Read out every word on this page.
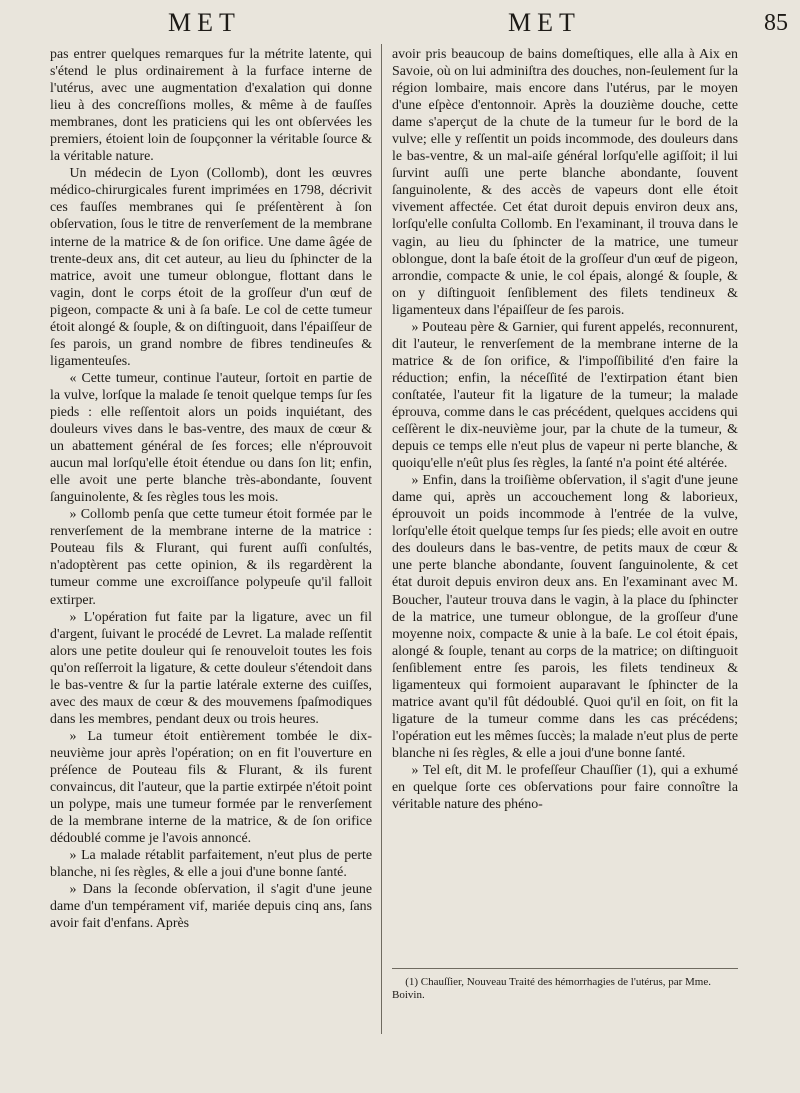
MET	MET	85

pas entrer quelques remarques fur la métrite latente, qui s'étend le plus ordinairement à la furface interne de l'utérus, avec une augmentation d'exalation qui donne lieu à des concreſſions molles, & même à de fauſſes membranes, dont les praticiens qui les ont obſervées les premiers, étoient loin de ſoupçonner la véritable ſource & la véritable nature.

Un médecin de Lyon (Collomb), dont les œuvres médico-chirurgicales furent imprimées en 1798, décrivit ces fauſſes membranes qui ſe préſentèrent à ſon obſervation, ſous le titre de renverſement de la membrane interne de la matrice & de ſon orifice. Une dame âgée de trente-deux ans, dit cet auteur, au lieu du ſphincter de la matrice, avoit une tumeur oblongue, flottant dans le vagin, dont le corps étoit de la groſſeur d'un œuf de pigeon, compacte & uni à ſa baſe. Le col de cette tumeur étoit alongé & ſouple, & on diſtinguoit, dans l'épaiſſeur de ſes parois, un grand nombre de fibres tendineuſes & ligamenteuſes.

« Cette tumeur, continue l'auteur, ſortoit en partie de la vulve, lorſque la malade ſe tenoit quelque temps ſur ſes pieds : elle reſſentoit alors un poids inquiétant, des douleurs vives dans le bas-ventre, des maux de cœur & un abattement général de ſes forces; elle n'éprouvoit aucun mal lorſqu'elle étoit étendue ou dans ſon lit; enfin, elle avoit une perte blanche très-abondante, ſouvent ſanguinolente, & ſes règles tous les mois.

» Collomb penſa que cette tumeur étoit formée par le renverſement de la membrane interne de la matrice : Pouteau fils & Flurant, qui furent auſſi conſultés, n'adoptèrent pas cette opinion, & ils regardèrent la tumeur comme une excroiſſance polypeuſe qu'il falloit extirper.

» L'opération fut faite par la ligature, avec un fil d'argent, ſuivant le procédé de Levret. La malade reſſentit alors une petite douleur qui ſe renouveloit toutes les fois qu'on reſſerroit la ligature, & cette douleur s'étendoit dans le bas-ventre & ſur la partie latérale externe des cuiſſes, avec des maux de cœur & des mouvemens ſpaſmodiques dans les membres, pendant deux ou trois heures.

» La tumeur étoit entièrement tombée le dix-neuvième jour après l'opération; on en fit l'ouverture en préſence de Pouteau fils & Flurant, & ils furent convaincus, dit l'auteur, que la partie extirpée n'étoit point un polype, mais une tumeur formée par le renverſement de la membrane interne de la matrice, & de ſon orifice dédoublé comme je l'avois annoncé.

» La malade rétablit parfaitement, n'eut plus de perte blanche, ni ſes règles, & elle a joui d'une bonne ſanté.

» Dans la ſeconde obſervation, il s'agit d'une jeune dame d'un tempérament vif, mariée depuis cinq ans, ſans avoir fait d'enfans. Après

avoir pris beaucoup de bains domeſtiques, elle alla à Aix en Savoie, où on lui adminiſtra des douches, non-ſeulement ſur la région lombaire, mais encore dans l'utérus, par le moyen d'une eſpèce d'entonnoir. Après la douzième douche, cette dame s'aperçut de la chute de la tumeur ſur le bord de la vulve; elle y reſſentit un poids incommode, des douleurs dans le bas-ventre, & un mal-aiſe général lorſqu'elle agiſſoit; il lui ſurvint auſſi une perte blanche abondante, ſouvent ſanguinolente, & des accès de vapeurs dont elle étoit vivement affectée. Cet état duroit depuis environ deux ans, lorſqu'elle conſulta Collomb. En l'examinant, il trouva dans le vagin, au lieu du ſphincter de la matrice, une tumeur oblongue, dont la baſe étoit de la groſſeur d'un œuf de pigeon, arrondie, compacte & unie, le col épais, alongé & ſouple, & on y diſtinguoit ſenſiblement des filets tendineux & ligamenteux dans l'épaiſſeur de ſes parois.

» Pouteau père & Garnier, qui furent appelés, reconnurent, dit l'auteur, le renverſement de la membrane interne de la matrice & de ſon orifice, & l'impoſſibilité d'en faire la réduction; enfin, la néceſſité de l'extirpation étant bien conſtatée, l'auteur fit la ligature de la tumeur; la malade éprouva, comme dans le cas précédent, quelques accidens qui ceſſèrent le dix-neuvième jour, par la chute de la tumeur, & depuis ce temps elle n'eut plus de vapeur ni perte blanche, & quoiqu'elle n'eût plus ſes règles, la ſanté n'a point été altérée.

» Enfin, dans la troiſième obſervation, il s'agit d'une jeune dame qui, après un accouchement long & laborieux, éprouvoit un poids incommode à l'entrée de la vulve, lorſqu'elle étoit quelque temps ſur ſes pieds; elle avoit en outre des douleurs dans le bas-ventre, de petits maux de cœur & une perte blanche abondante, ſouvent ſanguinolente, & cet état duroit depuis environ deux ans. En l'examinant avec M. Boucher, l'auteur trouva dans le vagin, à la place du ſphincter de la matrice, une tumeur oblongue, de la groſſeur d'une moyenne noix, compacte & unie à la baſe. Le col étoit épais, alongé & ſouple, tenant au corps de la matrice; on diſtinguoit ſenſiblement entre ſes parois, les filets tendineux & ligamenteux qui formoient auparavant le ſphincter de la matrice avant qu'il fût dédoublé. Quoi qu'il en ſoit, on fit la ligature de la tumeur comme dans les cas précédens; l'opération eut les mêmes ſuccès; la malade n'eut plus de perte blanche ni ſes règles, & elle a joui d'une bonne ſanté.

» Tel eſt, dit M. le profeſſeur Chauſſier (1), qui a exhumé en quelque ſorte ces obſervations pour faire connoître la véritable nature des phéno-

(1) Chauſſier, Nouveau Traité des hémorrhagies de l'utérus, par Mme. Boivin.
